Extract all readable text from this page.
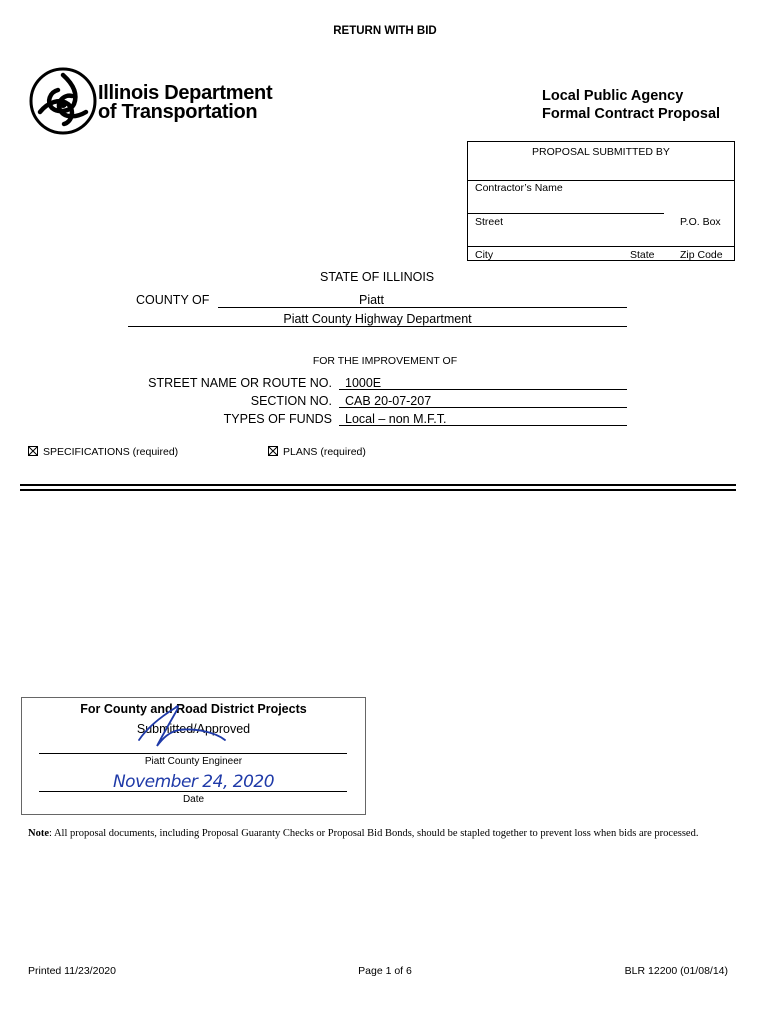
RETURN WITH BID
Illinois Department
of Transportation
Local Public Agency
Formal Contract Proposal
PROPOSAL SUBMITTED BY
Contractor’s Name
Street	P.O. Box
City	State Zip Code
STATE OF ILLINOIS
COUNTY OF	Piatt
Piatt County Highway Department
FOR THE IMPROVEMENT OF
STREET NAME OR ROUTE NO. 1000E
SECTION NO. CAB 20-07-207
TYPES OF FUNDS Local – non M.F.T.
SPECIFICATIONS (required)	PLANS (required)
For County and Road District Projects
Submitted/Approved
Piatt County Engineer
November 24, 2020
Date
Note: All proposal documents, including Proposal Guaranty Checks or Proposal Bid Bonds, should be stapled together to prevent loss when bids are processed.
Printed 11/23/2020	Page 1 of 6	BLR 12200 (01/08/14)
